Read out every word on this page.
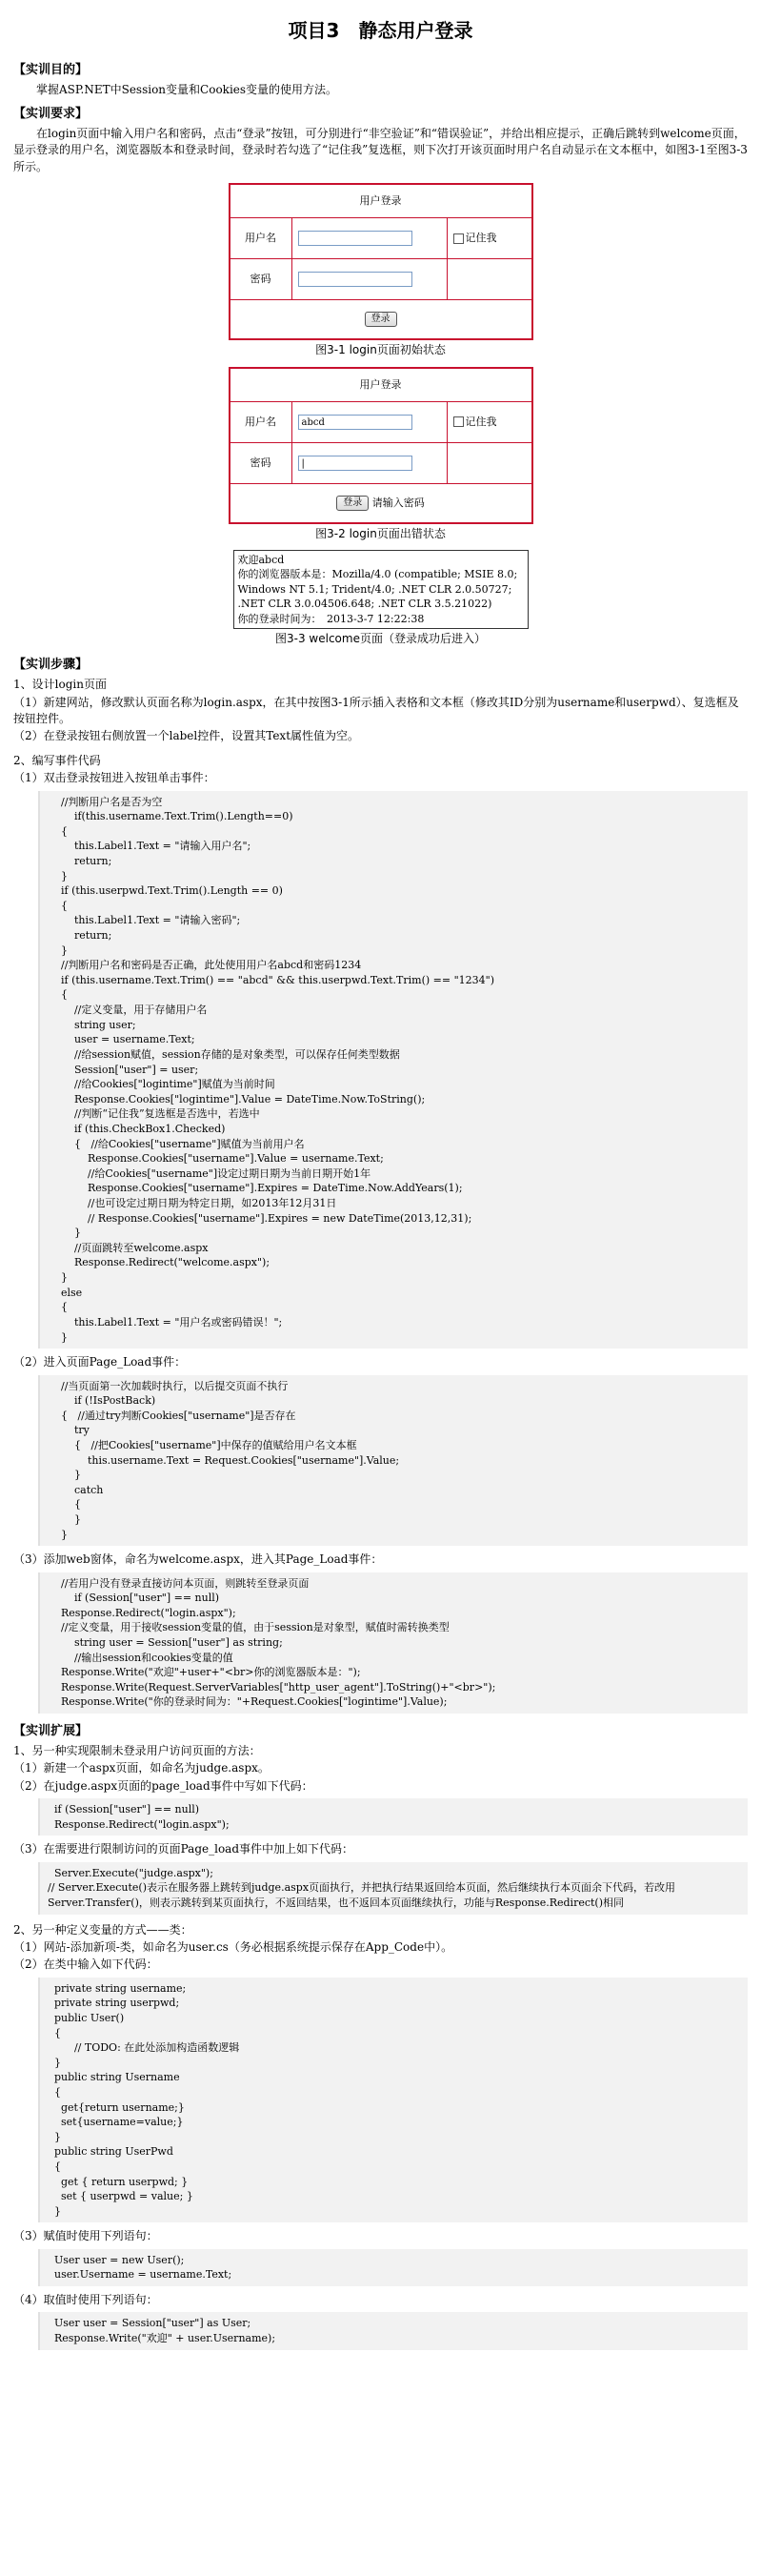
项目3　静态用户登录
【实训目的】
掌握ASP.NET中Session变量和Cookies变量的使用方法。
【实训要求】
在login页面中输入用户名和密码，点击“登录”按钮，可分别进行“非空验证”和“错误验证”，并给出相应提示，正确后跳转到welcome页面，显示登录的用户名，浏览器版本和登录时间，登录时若勾选了“记住我”复选框，则下次打开该页面时用户名自动显示在文本框中，如图3-1至图3-3所示。
用户登录		
用户名		记住我
密码		
登录		
图3-1 login页面初始状态
用户登录		
用户名	abcd	记住我
密码	|	
登录 请输入密码		
图3-2 login页面出错状态
欢迎abcd
你的浏览器版本是：Mozilla/4.0 (compatible; MSIE 8.0; Windows NT 5.1; Trident/4.0; .NET CLR 2.0.50727; .NET CLR 3.0.04506.648; .NET CLR 3.5.21022)
你的登录时间为：　2013-3-7 12:22:38
图3-3 welcome页面（登录成功后进入）
【实训步骤】
1、设计login页面
（1）新建网站，修改默认页面名称为login.aspx，在其中按图3-1所示插入表格和文本框（修改其ID分别为username和userpwd）、复选框及按钮控件。
（2）在登录按钮右侧放置一个label控件，设置其Text属性值为空。
2、编写事件代码
（1）双击登录按钮进入按钮单击事件：
//判断用户名是否为空
if(this.username.Text.Trim().Length==0)
{
this.Label1.Text = "请输入用户名";
return;
}
if (this.userpwd.Text.Trim().Length == 0)
{
this.Label1.Text = "请输入密码";
return;
}
//判断用户名和密码是否正确，此处使用用户名abcd和密码1234
if (this.username.Text.Trim() == "abcd" && this.userpwd.Text.Trim() == "1234")
{
//定义变量，用于存储用户名
string user;
user = username.Text;
//给session赋值，session存储的是对象类型，可以保存任何类型数据
Session["user"] = user;
//给Cookies["logintime"]赋值为当前时间
Response.Cookies["logintime"].Value = DateTime.Now.ToString();
//判断“记住我”复选框是否选中，若选中
if (this.CheckBox1.Checked)
{   //给Cookies["username"]赋值为当前用户名
Response.Cookies["username"].Value = username.Text;
//给Cookies["username"]设定过期日期为当前日期开始1年
Response.Cookies["username"].Expires = DateTime.Now.AddYears(1);
//也可设定过期日期为特定日期，如2013年12月31日
// Response.Cookies["username"].Expires = new DateTime(2013,12,31);
}
//页面跳转至welcome.aspx
Response.Redirect("welcome.aspx");
}
else
{
this.Label1.Text = "用户名或密码错误！";
}
（2）进入页面Page_Load事件：
//当页面第一次加载时执行，以后提交页面不执行
if (!IsPostBack)
{   //通过try判断Cookies["username"]是否存在
try
{   //把Cookies["username"]中保存的值赋给用户名文本框
this.username.Text = Request.Cookies["username"].Value;
}
catch
{
}
}
（3）添加web窗体，命名为welcome.aspx，进入其Page_Load事件：
//若用户没有登录直接访问本页面，则跳转至登录页面
if (Session["user"] == null)
Response.Redirect("login.aspx");
//定义变量，用于接收session变量的值，由于session是对象型，赋值时需转换类型
string user = Session["user"] as string;
//输出session和cookies变量的值
Response.Write("欢迎"+user+"<br>你的浏览器版本是：");
Response.Write(Request.ServerVariables["http_user_agent"].ToString()+"<br>");
Response.Write("你的登录时间为："+Request.Cookies["logintime"].Value);
【实训扩展】
1、另一种实现限制未登录用户访问页面的方法：
（1）新建一个aspx页面，如命名为judge.aspx。
（2）在judge.aspx页面的page_load事件中写如下代码：
if (Session["user"] == null)
Response.Redirect("login.aspx");
（3）在需要进行限制访问的页面Page_load事件中加上如下代码：
Server.Execute("judge.aspx");
// Server.Execute()表示在服务器上跳转到judge.aspx页面执行，并把执行结果返回给本页面，然后继续执行本页面余下代码，若改用Server.Transfer()，则表示跳转到某页面执行，不返回结果，也不返回本页面继续执行，功能与Response.Redirect()相同
2、另一种定义变量的方式——类：
（1）网站-添加新项-类，如命名为user.cs（务必根据系统提示保存在App_Code中）。
（2）在类中输入如下代码：
private string username;
private string userpwd;
public User()
{
// TODO: 在此处添加构造函数逻辑
}
public string Username
{
get{return username;}
set{username=value;}
}
public string UserPwd
{
get { return userpwd; }
set { userpwd = value; }
}
（3）赋值时使用下列语句：
User user = new User();
user.Username = username.Text;
（4）取值时使用下列语句：
User user = Session["user"] as User;
Response.Write("欢迎" + user.Username);
